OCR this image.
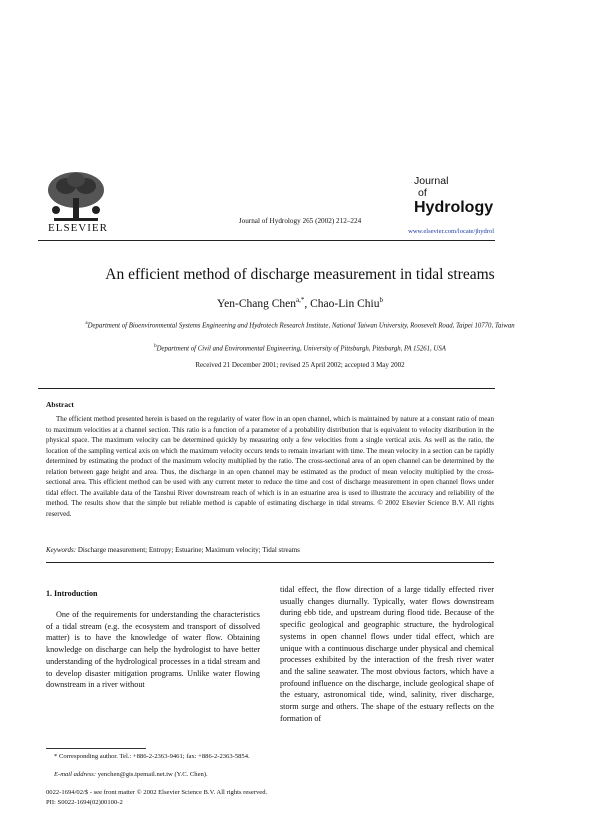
ELSEVIER
Journal of Hydrology 265 (2002) 212–224
Journal
of
Hydrology
www.elsevier.com/locate/jhydrol
An efficient method of discharge measurement in tidal streams
Yen-Chang Chen$^{a,*}$, Chao-Lin Chiu$^b$
$^a$Department of Bioenvironmental Systems Engineering and Hydrotech Research Institute, National Taiwan University, Roosevelt Road, Taipei 10770, Taiwan
$^b$Department of Civil and Environmental Engineering, University of Pittsburgh, Pittsburgh, PA 15261, USA
Received 21 December 2001; revised 25 April 2002; accepted 3 May 2002
Abstract
The efficient method presented herein is based on the regularity of water flow in an open channel, which is maintained by nature at a constant ratio of mean to maximum velocities at a channel section. This ratio is a function of a parameter of a probability distribution that is equivalent to velocity distribution in the physical space. The maximum velocity can be determined quickly by measuring only a few velocities from a single vertical axis. As well as the ratio, the location of the sampling vertical axis on which the maximum velocity occurs tends to remain invariant with time. The mean velocity in a section can be rapidly determined by estimating the product of the maximum velocity multiplied by the ratio. The cross-sectional area of an open channel can be determined by the relation between gage height and area. Thus, the discharge in an open channel may be estimated as the product of mean velocity multiplied by the cross-sectional area. This efficient method can be used with any current meter to reduce the time and cost of discharge measurement in open channel flows under tidal effect. The available data of the Tanshui River downstream reach of which is in an estuarine area is used to illustrate the accuracy and reliability of the method. The results show that the simple but reliable method is capable of estimating discharge in tidal streams. © 2002 Elsevier Science B.V. All rights reserved.
Keywords: Discharge measurement; Entropy; Estuarine; Maximum velocity; Tidal streams
1. Introduction
One of the requirements for understanding the characteristics of a tidal stream (e.g. the ecosystem and transport of dissolved matter) is to have the knowledge of water flow. Obtaining knowledge on discharge can help the hydrologist to have better understanding of the hydrological processes in a tidal stream and to develop disaster mitigation programs. Unlike water flowing downstream in a river without
tidal effect, the flow direction of a large tidally effected river usually changes diurnally. Typically, water flows downstream during ebb tide, and upstream during flood tide. Because of the specific geological and geographic structure, the hydrological systems in open channel flows under tidal effect, which are unique with a continuous discharge under physical and chemical processes exhibited by the interaction of the fresh river water and the saline seawater. The most obvious factors, which have a profound influence on the discharge, include geological shape of the estuary, astronomical tide, wind, salinity, river discharge, storm surge and others. The shape of the estuary reflects on the formation of
* Corresponding author. Tel.: +886-2-2363-9461; fax: +886-2-2363-5854.
E-mail address: yenchen@gis.tpemail.net.tw (Y.C. Chen).
0022-1694/02/$ - see front matter © 2002 Elsevier Science B.V. All rights reserved.
PII: S0022-1694(02)00100-2
